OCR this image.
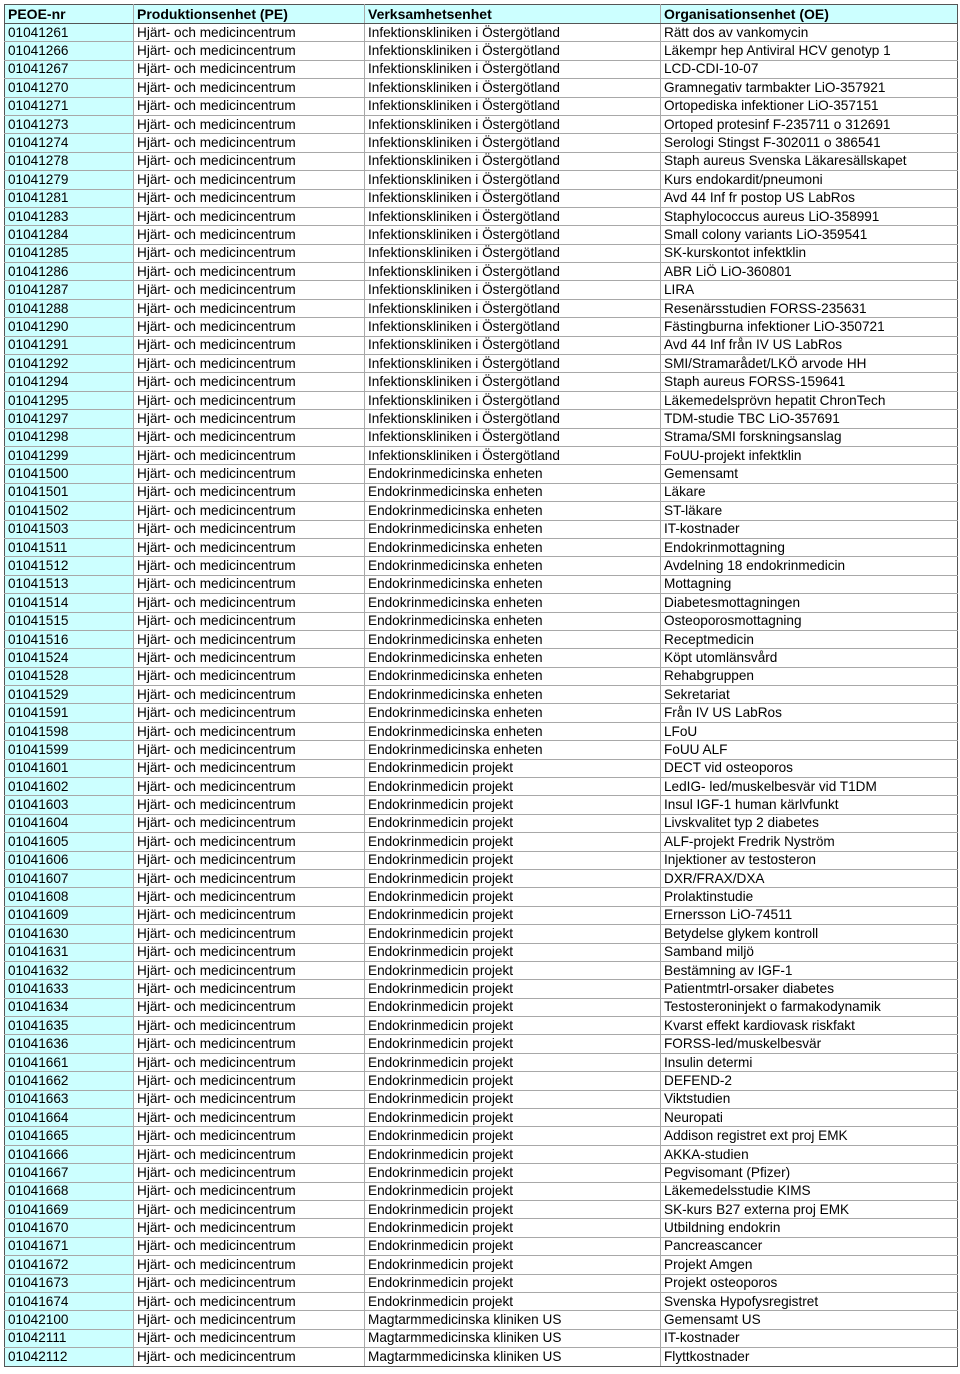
PEOE-nr	Produktionsenhet (PE)	Verksamhetsenhet	Organisationsenhet (OE)
01041261	Hjärt- och medicincentrum	Infektionskliniken i Östergötland	Rätt dos av vankomycin
01041266	Hjärt- och medicincentrum	Infektionskliniken i Östergötland	Läkempr hep Antiviral HCV genotyp 1
01041267	Hjärt- och medicincentrum	Infektionskliniken i Östergötland	LCD-CDI-10-07
01041270	Hjärt- och medicincentrum	Infektionskliniken i Östergötland	Gramnegativ tarmbakter LiO-357921
01041271	Hjärt- och medicincentrum	Infektionskliniken i Östergötland	Ortopediska infektioner LiO-357151
01041273	Hjärt- och medicincentrum	Infektionskliniken i Östergötland	Ortoped protesinf F-235711 o 312691
01041274	Hjärt- och medicincentrum	Infektionskliniken i Östergötland	Serologi Stingst F-302011 o 386541
01041278	Hjärt- och medicincentrum	Infektionskliniken i Östergötland	Staph aureus Svenska Läkaresällskapet
01041279	Hjärt- och medicincentrum	Infektionskliniken i Östergötland	Kurs endokardit/pneumoni
01041281	Hjärt- och medicincentrum	Infektionskliniken i Östergötland	Avd 44 Inf fr postop US LabRos
01041283	Hjärt- och medicincentrum	Infektionskliniken i Östergötland	Staphylococcus aureus LiO-358991
01041284	Hjärt- och medicincentrum	Infektionskliniken i Östergötland	Small colony variants LiO-359541
01041285	Hjärt- och medicincentrum	Infektionskliniken i Östergötland	SK-kurskontot infektklin
01041286	Hjärt- och medicincentrum	Infektionskliniken i Östergötland	ABR LiÖ LiO-360801
01041287	Hjärt- och medicincentrum	Infektionskliniken i Östergötland	LIRA
01041288	Hjärt- och medicincentrum	Infektionskliniken i Östergötland	Resenärsstudien FORSS-235631
01041290	Hjärt- och medicincentrum	Infektionskliniken i Östergötland	Fästingburna infektioner LiO-350721
01041291	Hjärt- och medicincentrum	Infektionskliniken i Östergötland	Avd 44 Inf från IV US LabRos
01041292	Hjärt- och medicincentrum	Infektionskliniken i Östergötland	SMI/Stramarådet/LKÖ arvode HH
01041294	Hjärt- och medicincentrum	Infektionskliniken i Östergötland	Staph aureus FORSS-159641
01041295	Hjärt- och medicincentrum	Infektionskliniken i Östergötland	Läkemedelsprövn hepatit ChronTech
01041297	Hjärt- och medicincentrum	Infektionskliniken i Östergötland	TDM-studie TBC LiO-357691
01041298	Hjärt- och medicincentrum	Infektionskliniken i Östergötland	Strama/SMI forskningsanslag
01041299	Hjärt- och medicincentrum	Infektionskliniken i Östergötland	FoUU-projekt infektklin
01041500	Hjärt- och medicincentrum	Endokrinmedicinska enheten	Gemensamt
01041501	Hjärt- och medicincentrum	Endokrinmedicinska enheten	Läkare
01041502	Hjärt- och medicincentrum	Endokrinmedicinska enheten	ST-läkare
01041503	Hjärt- och medicincentrum	Endokrinmedicinska enheten	IT-kostnader
01041511	Hjärt- och medicincentrum	Endokrinmedicinska enheten	Endokrinmottagning
01041512	Hjärt- och medicincentrum	Endokrinmedicinska enheten	Avdelning 18 endokrinmedicin
01041513	Hjärt- och medicincentrum	Endokrinmedicinska enheten	Mottagning
01041514	Hjärt- och medicincentrum	Endokrinmedicinska enheten	Diabetesmottagningen
01041515	Hjärt- och medicincentrum	Endokrinmedicinska enheten	Osteoporosmottagning
01041516	Hjärt- och medicincentrum	Endokrinmedicinska enheten	Receptmedicin
01041524	Hjärt- och medicincentrum	Endokrinmedicinska enheten	Köpt utomlänsvård
01041528	Hjärt- och medicincentrum	Endokrinmedicinska enheten	Rehabgruppen
01041529	Hjärt- och medicincentrum	Endokrinmedicinska enheten	Sekretariat
01041591	Hjärt- och medicincentrum	Endokrinmedicinska enheten	Från IV US LabRos
01041598	Hjärt- och medicincentrum	Endokrinmedicinska enheten	LFoU
01041599	Hjärt- och medicincentrum	Endokrinmedicinska enheten	FoUU ALF
01041601	Hjärt- och medicincentrum	Endokrinmedicin projekt	DECT vid osteoporos
01041602	Hjärt- och medicincentrum	Endokrinmedicin projekt	LedIG- led/muskelbesvär vid T1DM
01041603	Hjärt- och medicincentrum	Endokrinmedicin projekt	Insul IGF-1 human kärlvfunkt
01041604	Hjärt- och medicincentrum	Endokrinmedicin projekt	Livskvalitet typ 2 diabetes
01041605	Hjärt- och medicincentrum	Endokrinmedicin projekt	ALF-projekt Fredrik Nyström
01041606	Hjärt- och medicincentrum	Endokrinmedicin projekt	Injektioner av testosteron
01041607	Hjärt- och medicincentrum	Endokrinmedicin projekt	DXR/FRAX/DXA
01041608	Hjärt- och medicincentrum	Endokrinmedicin projekt	Prolaktinstudie
01041609	Hjärt- och medicincentrum	Endokrinmedicin projekt	Ernersson LiO-74511
01041630	Hjärt- och medicincentrum	Endokrinmedicin projekt	Betydelse glykem kontroll
01041631	Hjärt- och medicincentrum	Endokrinmedicin projekt	Samband miljö
01041632	Hjärt- och medicincentrum	Endokrinmedicin projekt	Bestämning av IGF-1
01041633	Hjärt- och medicincentrum	Endokrinmedicin projekt	Patientmtrl-orsaker diabetes
01041634	Hjärt- och medicincentrum	Endokrinmedicin projekt	Testosteroninjekt o farmakodynamik
01041635	Hjärt- och medicincentrum	Endokrinmedicin projekt	Kvarst effekt kardiovask riskfakt
01041636	Hjärt- och medicincentrum	Endokrinmedicin projekt	FORSS-led/muskelbesvär
01041661	Hjärt- och medicincentrum	Endokrinmedicin projekt	Insulin determi
01041662	Hjärt- och medicincentrum	Endokrinmedicin projekt	DEFEND-2
01041663	Hjärt- och medicincentrum	Endokrinmedicin projekt	Viktstudien
01041664	Hjärt- och medicincentrum	Endokrinmedicin projekt	Neuropati
01041665	Hjärt- och medicincentrum	Endokrinmedicin projekt	Addison registret ext proj EMK
01041666	Hjärt- och medicincentrum	Endokrinmedicin projekt	AKKA-studien
01041667	Hjärt- och medicincentrum	Endokrinmedicin projekt	Pegvisomant (Pfizer)
01041668	Hjärt- och medicincentrum	Endokrinmedicin projekt	Läkemedelsstudie KIMS
01041669	Hjärt- och medicincentrum	Endokrinmedicin projekt	SK-kurs B27 externa proj EMK
01041670	Hjärt- och medicincentrum	Endokrinmedicin projekt	Utbildning endokrin
01041671	Hjärt- och medicincentrum	Endokrinmedicin projekt	Pancreascancer
01041672	Hjärt- och medicincentrum	Endokrinmedicin projekt	Projekt Amgen
01041673	Hjärt- och medicincentrum	Endokrinmedicin projekt	Projekt osteoporos
01041674	Hjärt- och medicincentrum	Endokrinmedicin projekt	Svenska Hypofysregistret
01042100	Hjärt- och medicincentrum	Magtarmmedicinska kliniken US	Gemensamt US
01042111	Hjärt- och medicincentrum	Magtarmmedicinska kliniken US	IT-kostnader
01042112	Hjärt- och medicincentrum	Magtarmmedicinska kliniken US	Flyttkostnader
